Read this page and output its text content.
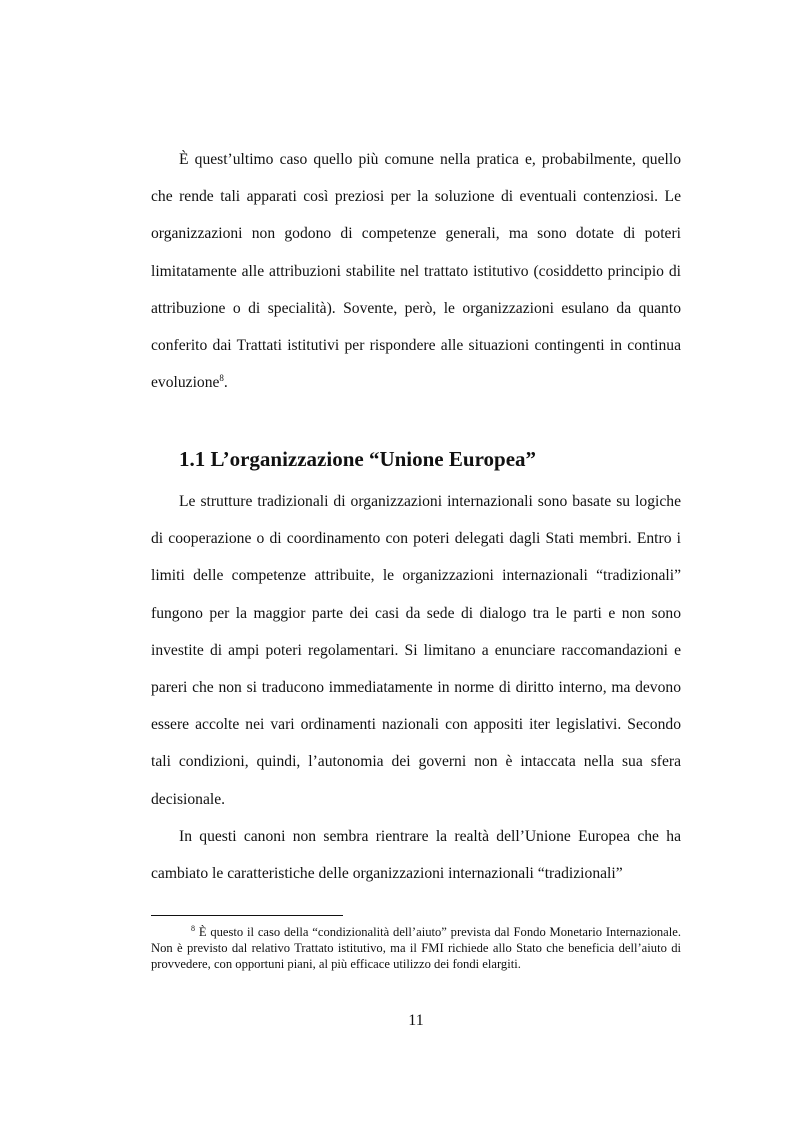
È quest’ultimo caso quello più comune nella pratica e, probabilmente, quello che rende tali apparati così preziosi per la soluzione di eventuali contenziosi. Le organizzazioni non godono di competenze generali, ma sono dotate di poteri limitatamente alle attribuzioni stabilite nel trattato istitutivo (cosiddetto principio di attribuzione o di specialità). Sovente, però, le organizzazioni esulano da quanto conferito dai Trattati istitutivi per rispondere alle situazioni contingenti in continua evoluzione$^8$.

1.1 L’organizzazione “Unione Europea”

Le strutture tradizionali di organizzazioni internazionali sono basate su logiche di cooperazione o di coordinamento con poteri delegati dagli Stati membri. Entro i limiti delle competenze attribuite, le organizzazioni internazionali “tradizionali” fungono per la maggior parte dei casi da sede di dialogo tra le parti e non sono investite di ampi poteri regolamentari. Si limitano a enunciare raccomandazioni e pareri che non si traducono immediatamente in norme di diritto interno, ma devono essere accolte nei vari ordinamenti nazionali con appositi iter legislativi. Secondo tali condizioni, quindi, l’autonomia dei governi non è intaccata nella sua sfera decisionale.

In questi canoni non sembra rientrare la realtà dell’Unione Europea che ha cambiato le caratteristiche delle organizzazioni internazionali “tradizionali”

$^8$ È questo il caso della “condizionalità dell’aiuto” prevista dal Fondo Monetario Internazionale. Non è previsto dal relativo Trattato istitutivo, ma il FMI richiede allo Stato che beneficia dell’aiuto di provvedere, con opportuni piani, al più efficace utilizzo dei fondi elargiti.

11
